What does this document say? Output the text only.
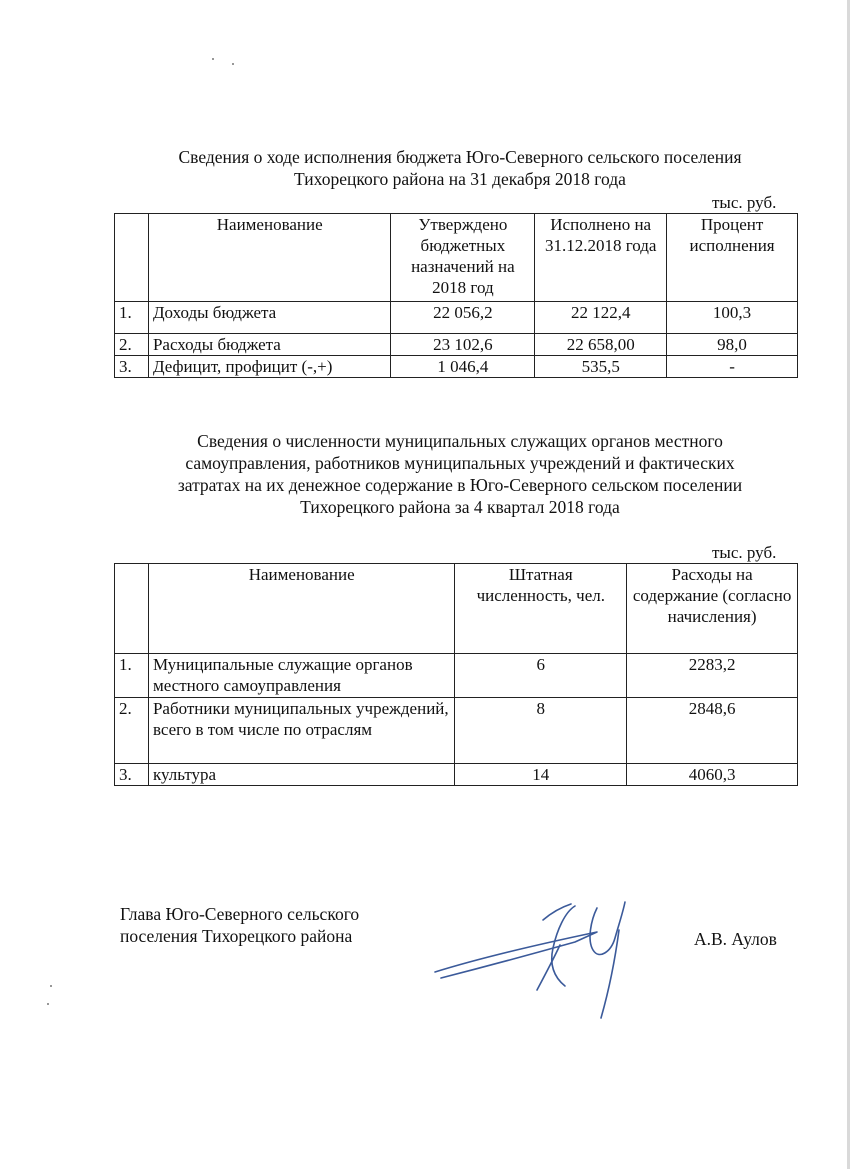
Сведения о ходе исполнения бюджета Юго-Северного сельского поселения
Тихорецкого района на 31 декабря 2018 года
тыс. руб.
	Наименование	Утверждено бюджетных назначений на 2018 год	Исполнено на 31.12.2018 года	Процент исполнения
1.	Доходы бюджета	22 056,2	22 122,4	100,3
2.	Расходы бюджета	23 102,6	22 658,00	98,0
3.	Дефицит, профицит (-,+)	1 046,4	535,5	-
Сведения о численности муниципальных служащих органов местного
самоуправления, работников муниципальных учреждений и фактических
затратах на их денежное содержание в Юго-Северного сельском поселении
Тихорецкого района за 4 квартал 2018 года
тыс. руб.
	Наименование	Штатная численность, чел.	Расходы на содержание (согласно начисления)
1.	Муниципальные служащие органов местного самоуправления	6	2283,2
2.	Работники муниципальных учреждений, всего в том числе по отраслям	8	2848,6
3.	культура	14	4060,3
Глава Юго-Северного сельского
поселения Тихорецкого района	А.В. Аулов
